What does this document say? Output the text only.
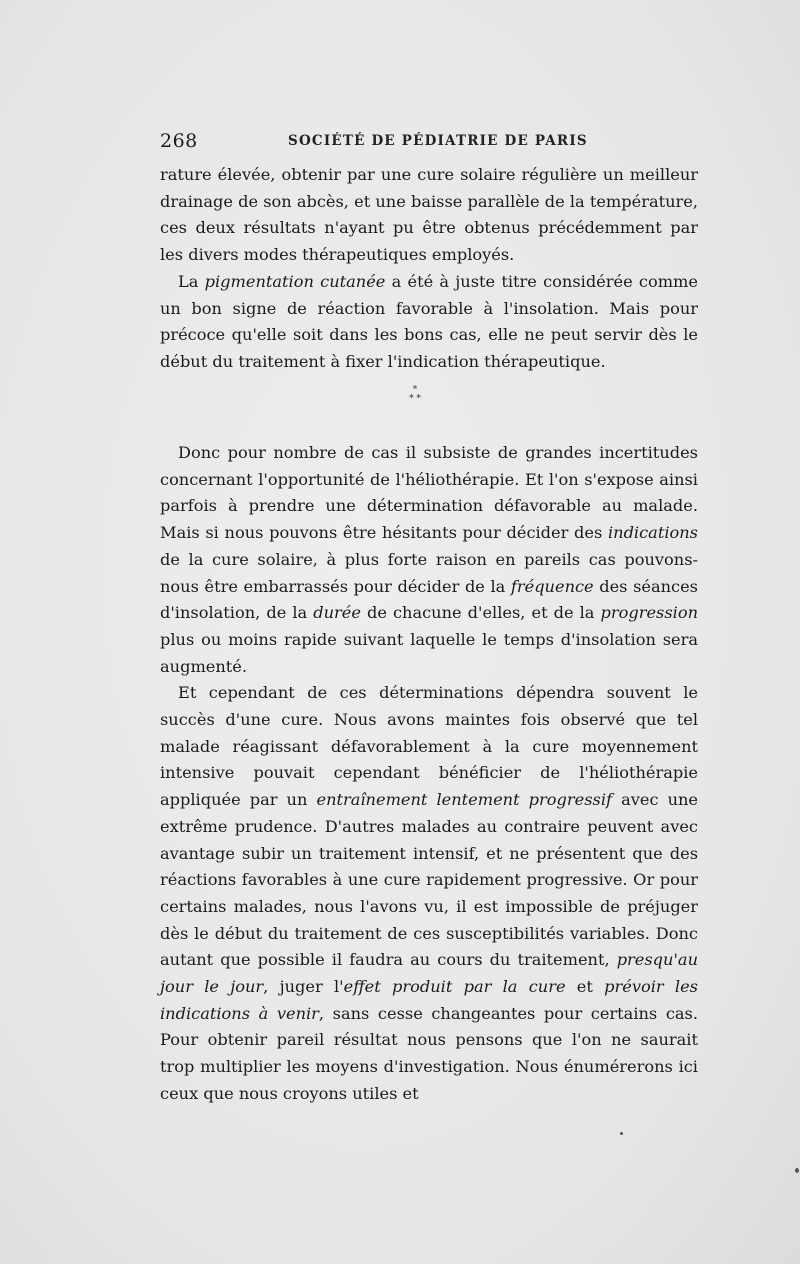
268	SOCIÉTÉ DE PÉDIATRIE DE PARIS

rature élevée, obtenir par une cure solaire régulière un meilleur drainage de son abcès, et une baisse parallèle de la température, ces deux résultats n'ayant pu être obtenus précédemment par les divers modes thérapeutiques employés.

La pigmentation cutanée a été à juste titre considérée comme un bon signe de réaction favorable à l'insolation. Mais pour précoce qu'elle soit dans les bons cas, elle ne peut servir dès le début du traitement à fixer l'indication thérapeutique.

*
* *

Donc pour nombre de cas il subsiste de grandes incertitudes concernant l'opportunité de l'héliothérapie. Et l'on s'expose ainsi parfois à prendre une détermination défavorable au malade. Mais si nous pouvons être hésitants pour décider des indications de la cure solaire, à plus forte raison en pareils cas pouvons-nous être embarrassés pour décider de la fréquence des séances d'insolation, de la durée de chacune d'elles, et de la progression plus ou moins rapide suivant laquelle le temps d'insolation sera augmenté.

Et cependant de ces déterminations dépendra souvent le succès d'une cure. Nous avons maintes fois observé que tel malade réagissant défavorablement à la cure moyennement intensive pouvait cependant bénéficier de l'héliothérapie appliquée par un entraînement lentement progressif avec une extrême prudence. D'autres malades au contraire peuvent avec avantage subir un traitement intensif, et ne présentent que des réactions favorables à une cure rapidement progressive. Or pour certains malades, nous l'avons vu, il est impossible de préjuger dès le début du traitement de ces susceptibilités variables. Donc autant que possible il faudra au cours du traitement, presqu'au jour le jour, juger l'effet produit par la cure et prévoir les indications à venir, sans cesse changeantes pour certains cas. Pour obtenir pareil résultat nous pensons que l'on ne saurait trop multiplier les moyens d'investigation. Nous énumérerons ici ceux que nous croyons utiles et
